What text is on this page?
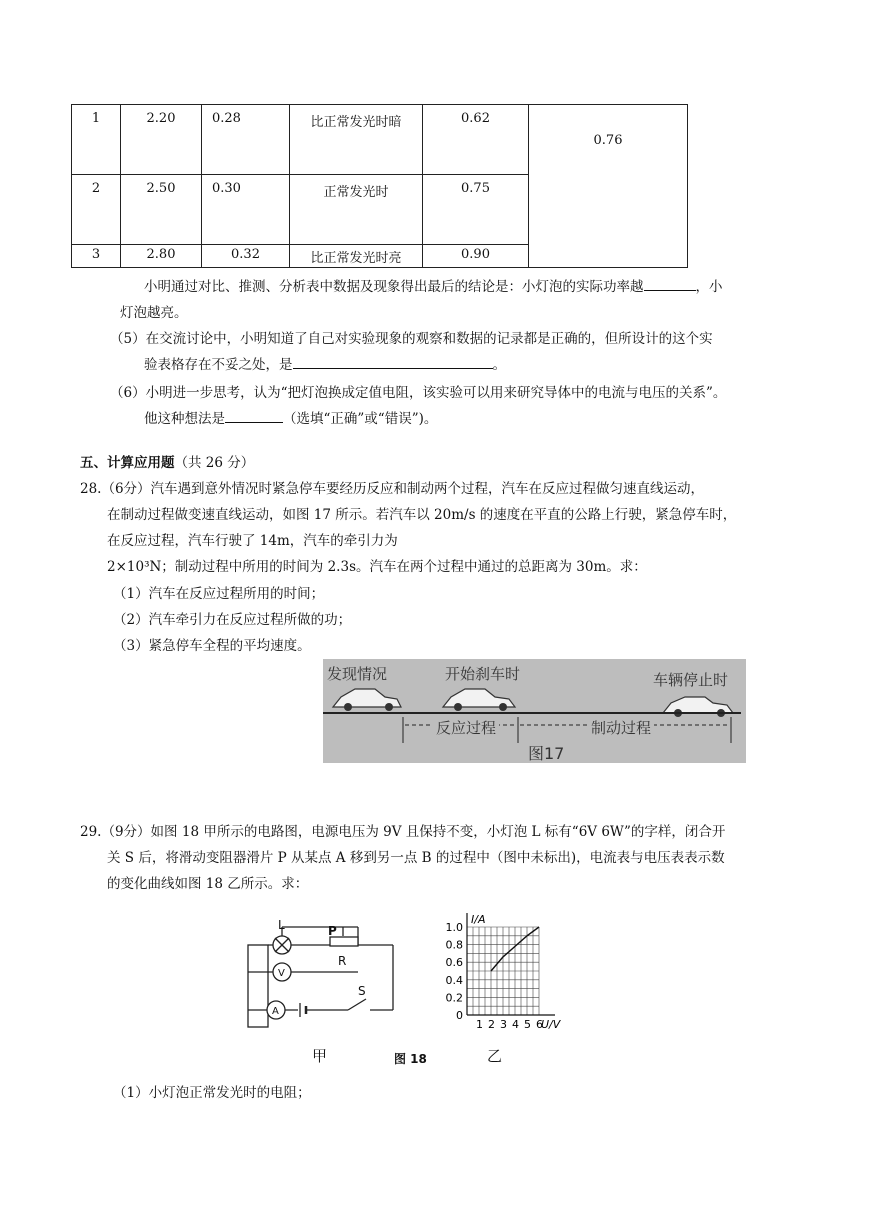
1	2.20	0.28	比正常发光时暗	0.62	0.76
2	2.50	0.30	正常发光时	0.75	
3	2.80	0.32	比正常发光时亮	0.90	
小明通过对比、推测、分析表中数据及现象得出最后的结论是：小灯泡的实际功率越	，小
灯泡越亮。
（5）在交流讨论中，小明知道了自己对实验现象的观察和数据的记录都是正确的，但所设计的这个实
验表格存在不妥之处，是	。
（6）小明进一步思考，认为“把灯泡换成定值电阻，该实验可以用来研究导体中的电流与电压的关系”。
他这种想法是	（选填“正确”或“错误”)。
五、计算应用题（共 26 分）
28.（6分）汽车遇到意外情况时紧急停车要经历反应和制动两个过程，汽车在反应过程做匀速直线运动，
在制动过程做变速直线运动，如图 17 所示。若汽车以 20m/s 的速度在平直的公路上行驶，紧急停车时，
在反应过程，汽车行驶了 14m，汽车的牵引力为
2×10³N；制动过程中所用的时间为 2.3s。汽车在两个过程中通过的总距离为 30m。求：
（1）汽车在反应过程所用的时间；
（2）汽车牵引力在反应过程所做的功；
（3）紧急停车全程的平均速度。
发现情况	开始刹车时	车辆停止时
反应过程	制动过程
图17
29.（9分）如图 18 甲所示的电路图，电源电压为 9V 且保持不变，小灯泡 L 标有“6V 6W”的字样，闭合开
关 S 后，将滑动变阻器滑片 P 从某点 A 移到另一点 B 的过程中（图中未标出)，电流表与电压表表示数
的变化曲线如图 18 乙所示。求：
L
V
A
P
R
S
1 2 3 4 5 6
0
0.2
0.4
0.6
0.8
1.0
I/A
U/V
甲	图 18	乙
（1）小灯泡正常发光时的电阻；
